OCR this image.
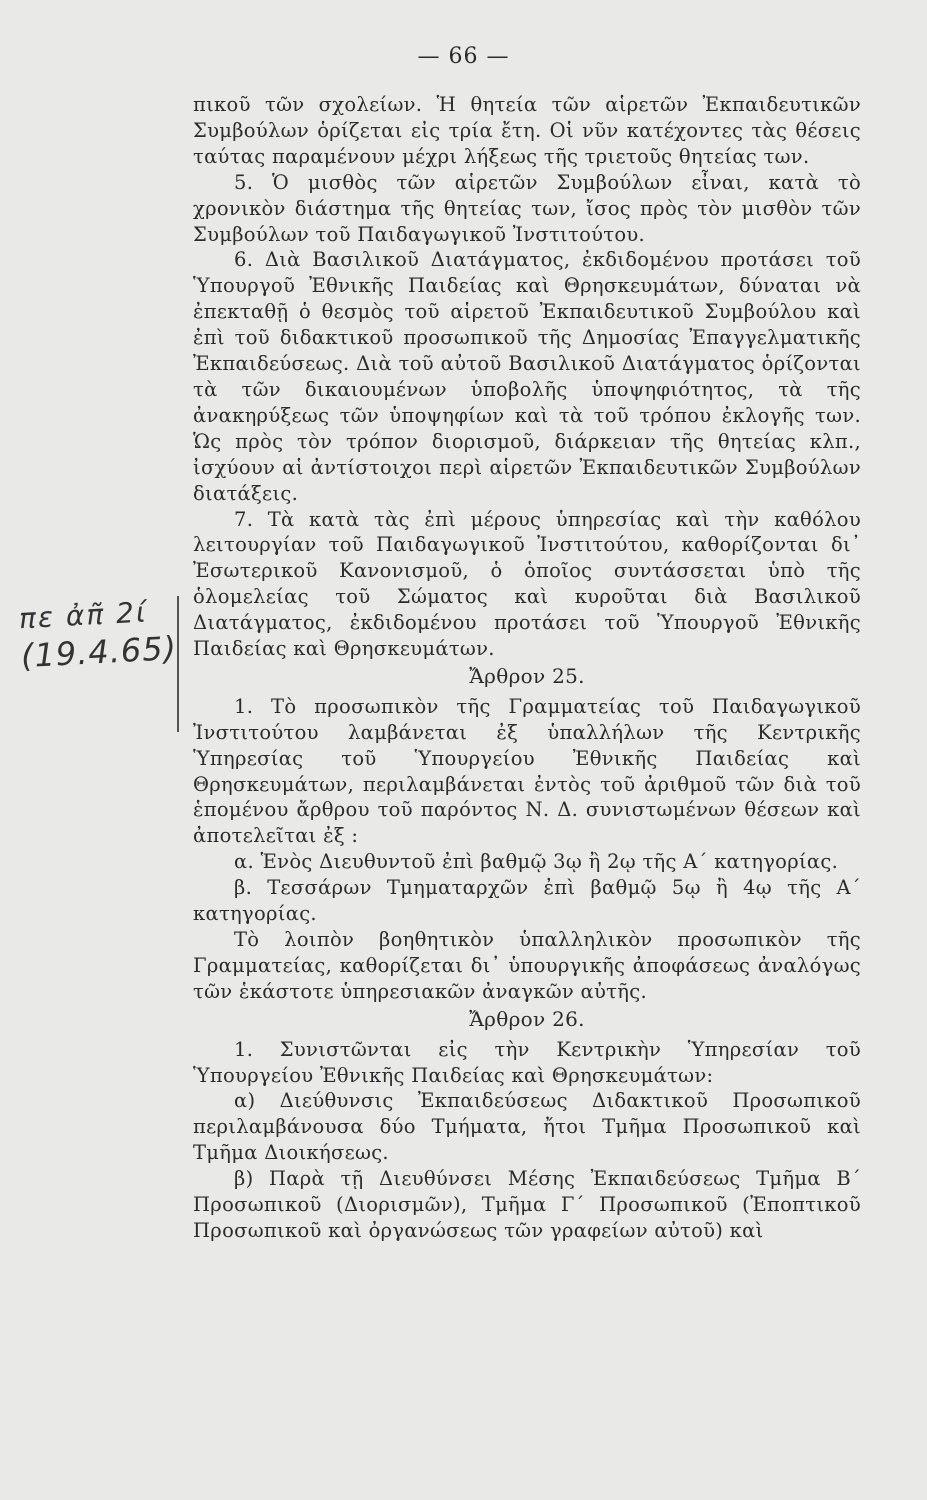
— 66 —
πε ἀπ͂ 2ί
(19.4.65)

πικοῦ τῶν σχολείων. Ἡ θητεία τῶν αἱρετῶν Ἐκπαιδευτικῶν Συμβούλων ὁρίζεται εἰς τρία ἔτη. Οἱ νῦν κατέχοντες τὰς θέσεις ταύτας παραμένουν μέχρι λήξεως τῆς τριετοῦς θητείας των.

5. Ὁ μισθὸς τῶν αἱρετῶν Συμβούλων εἶναι, κατὰ τὸ χρονικὸν διάστημα τῆς θητείας των, ἴσος πρὸς τὸν μισθὸν τῶν Συμβούλων τοῦ Παιδαγωγικοῦ Ἰνστιτούτου.

6. Διὰ Βασιλικοῦ Διατάγματος, ἐκδιδομένου προτάσει τοῦ Ὑπουργοῦ Ἐθνικῆς Παιδείας καὶ Θρησκευμάτων, δύναται νὰ ἐπεκταθῇ ὁ θεσμὸς τοῦ αἱρετοῦ Ἐκπαιδευτικοῦ Συμβούλου καὶ ἐπὶ τοῦ διδακτικοῦ προσωπικοῦ τῆς Δημοσίας Ἐπαγγελματικῆς Ἐκπαιδεύσεως. Διὰ τοῦ αὐτοῦ Βασιλικοῦ Διατάγματος ὁρίζονται τὰ τῶν δικαιουμένων ὑποβολῆς ὑποψηφιότητος, τὰ τῆς ἀνακηρύξεως τῶν ὑποψηφίων καὶ τὰ τοῦ τρόπου ἐκλογῆς των. Ὡς πρὸς τὸν τρόπον διορισμοῦ, διάρκειαν τῆς θητείας κλπ., ἰσχύουν αἱ ἀντίστοιχοι περὶ αἱρετῶν Ἐκπαιδευτικῶν Συμβούλων διατάξεις.

7. Τὰ κατὰ τὰς ἐπὶ μέρους ὑπηρεσίας καὶ τὴν καθόλου λειτουργίαν τοῦ Παιδαγωγικοῦ Ἰνστιτούτου, καθορίζονται δι᾽ Ἐσωτερικοῦ Κανονισμοῦ, ὁ ὁποῖος συντάσσεται ὑπὸ τῆς ὁλομελείας τοῦ Σώματος καὶ κυροῦται διὰ Βασιλικοῦ Διατάγματος, ἐκδιδομένου προτάσει τοῦ Ὑπουργοῦ Ἐθνικῆς Παιδείας καὶ Θρησκευμάτων.

Ἄρθρον 25.

1. Τὸ προσωπικὸν τῆς Γραμματείας τοῦ Παιδαγωγικοῦ Ἰνστιτούτου λαμβάνεται ἐξ ὑπαλλήλων τῆς Κεντρικῆς Ὑπηρεσίας τοῦ Ὑπουργείου Ἐθνικῆς Παιδείας καὶ Θρησκευμάτων, περιλαμβάνεται ἐντὸς τοῦ ἀριθμοῦ τῶν διὰ τοῦ ἑπομένου ἄρθρου τοῦ παρόντος Ν. Δ. συνιστωμένων θέσεων καὶ ἀποτελεῖται ἐξ :

α. Ἑνὸς Διευθυντοῦ ἐπὶ βαθμῷ 3ῳ ἢ 2ῳ τῆς Α΄ κατηγορίας.

β. Τεσσάρων Τμηματαρχῶν ἐπὶ βαθμῷ 5ῳ ἢ 4ῳ τῆς Α΄ κατηγορίας.

Τὸ λοιπὸν βοηθητικὸν ὑπαλληλικὸν προσωπικὸν τῆς Γραμματείας, καθορίζεται δι᾽ ὑπουργικῆς ἀποφάσεως ἀναλόγως τῶν ἑκάστοτε ὑπηρεσιακῶν ἀναγκῶν αὐτῆς.

Ἄρθρον 26.

1. Συνιστῶνται εἰς τὴν Κεντρικὴν Ὑπηρεσίαν τοῦ Ὑπουργείου Ἐθνικῆς Παιδείας καὶ Θρησκευμάτων:

α) Διεύθυνσις Ἐκπαιδεύσεως Διδακτικοῦ Προσωπικοῦ περιλαμβάνουσα δύο Τμήματα, ἤτοι Τμῆμα Προσωπικοῦ καὶ Τμῆμα Διοικήσεως.

β) Παρὰ τῇ Διευθύνσει Μέσης Ἐκπαιδεύσεως Τμῆμα Β΄ Προσωπικοῦ (Διορισμῶν), Τμῆμα Γ΄ Προσωπικοῦ (Ἐποπτικοῦ Προσωπικοῦ καὶ ὀργανώσεως τῶν γραφείων αὐτοῦ) καὶ
